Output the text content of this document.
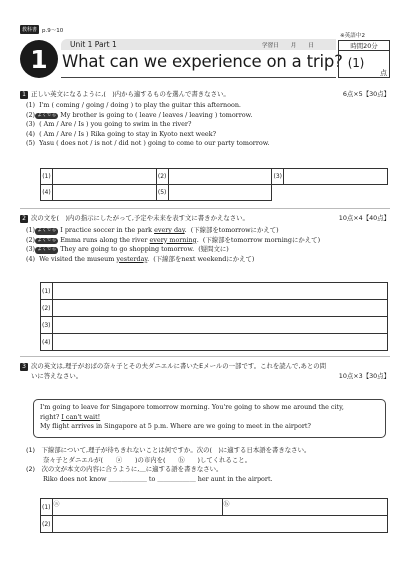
教科書 p.9〜10
1	Unit 1 Part 1	学習日 月 日
What can we experience on a trip? (1)
※英語中2
時間20分
点
1 正しい英文になるように,(　)内から適するものを選んで書きなさい。	6点×5【30点】
(1) I'm ( coming / going / doing ) to play the guitar this afternoon.
(2) よくでる My brother is going to ( leave / leaves / leaving ) tomorrow.
(3) ( Am / Are / Is ) you going to swim in the river?
(4) ( Am / Are / Is ) Rika going to stay in Kyoto next week?
(5) Yasu ( does not / is not / did not ) going to come to our party tomorrow.
(1)		(2)		(3)	
(4)		(5)			
2 次の文を(　)内の指示にしたがって,予定や未来を表す文に書きかえなさい。	10点×4【40点】
(1) よくでる I practice soccer in the park every day. (下線部をtomorrowにかえて)
(2) よくでる Emma runs along the river every morning. (下線部をtomorrow morningにかえて)
(3) よくでる They are going to go shopping tomorrow. (疑問文に)
(4) We visited the museum yesterday. (下線部をnext weekendにかえて)
(1)	
(2)	
(3)	
(4)	
3 次の英文は,理子がおばの奈々子とその夫ダニエルに書いたEメールの一部です。これを読んで,あとの問
いに答えなさい。	10点×3【30点】
I'm going to leave for Singapore tomorrow morning. You're going to show me around the city,
right? I can't wait!
My flight arrives in Singapore at 5 p.m. Where are we going to meet in the airport?
(1)　下線部について,理子が待ちきれないことは何ですか。次の(　)に適する日本語を書きなさい。
奈々子とダニエルが(　　ⓐ　　)の市内を(　　ⓑ　　)してくれること。
(2)　次の文が本文の内容に合うように,＿に適する語を書きなさい。
Riko does not know ＿＿＿＿＿＿ to ＿＿＿＿＿＿ her aunt in the airport.
(1)	ⓐ	ⓑ
(2)		
